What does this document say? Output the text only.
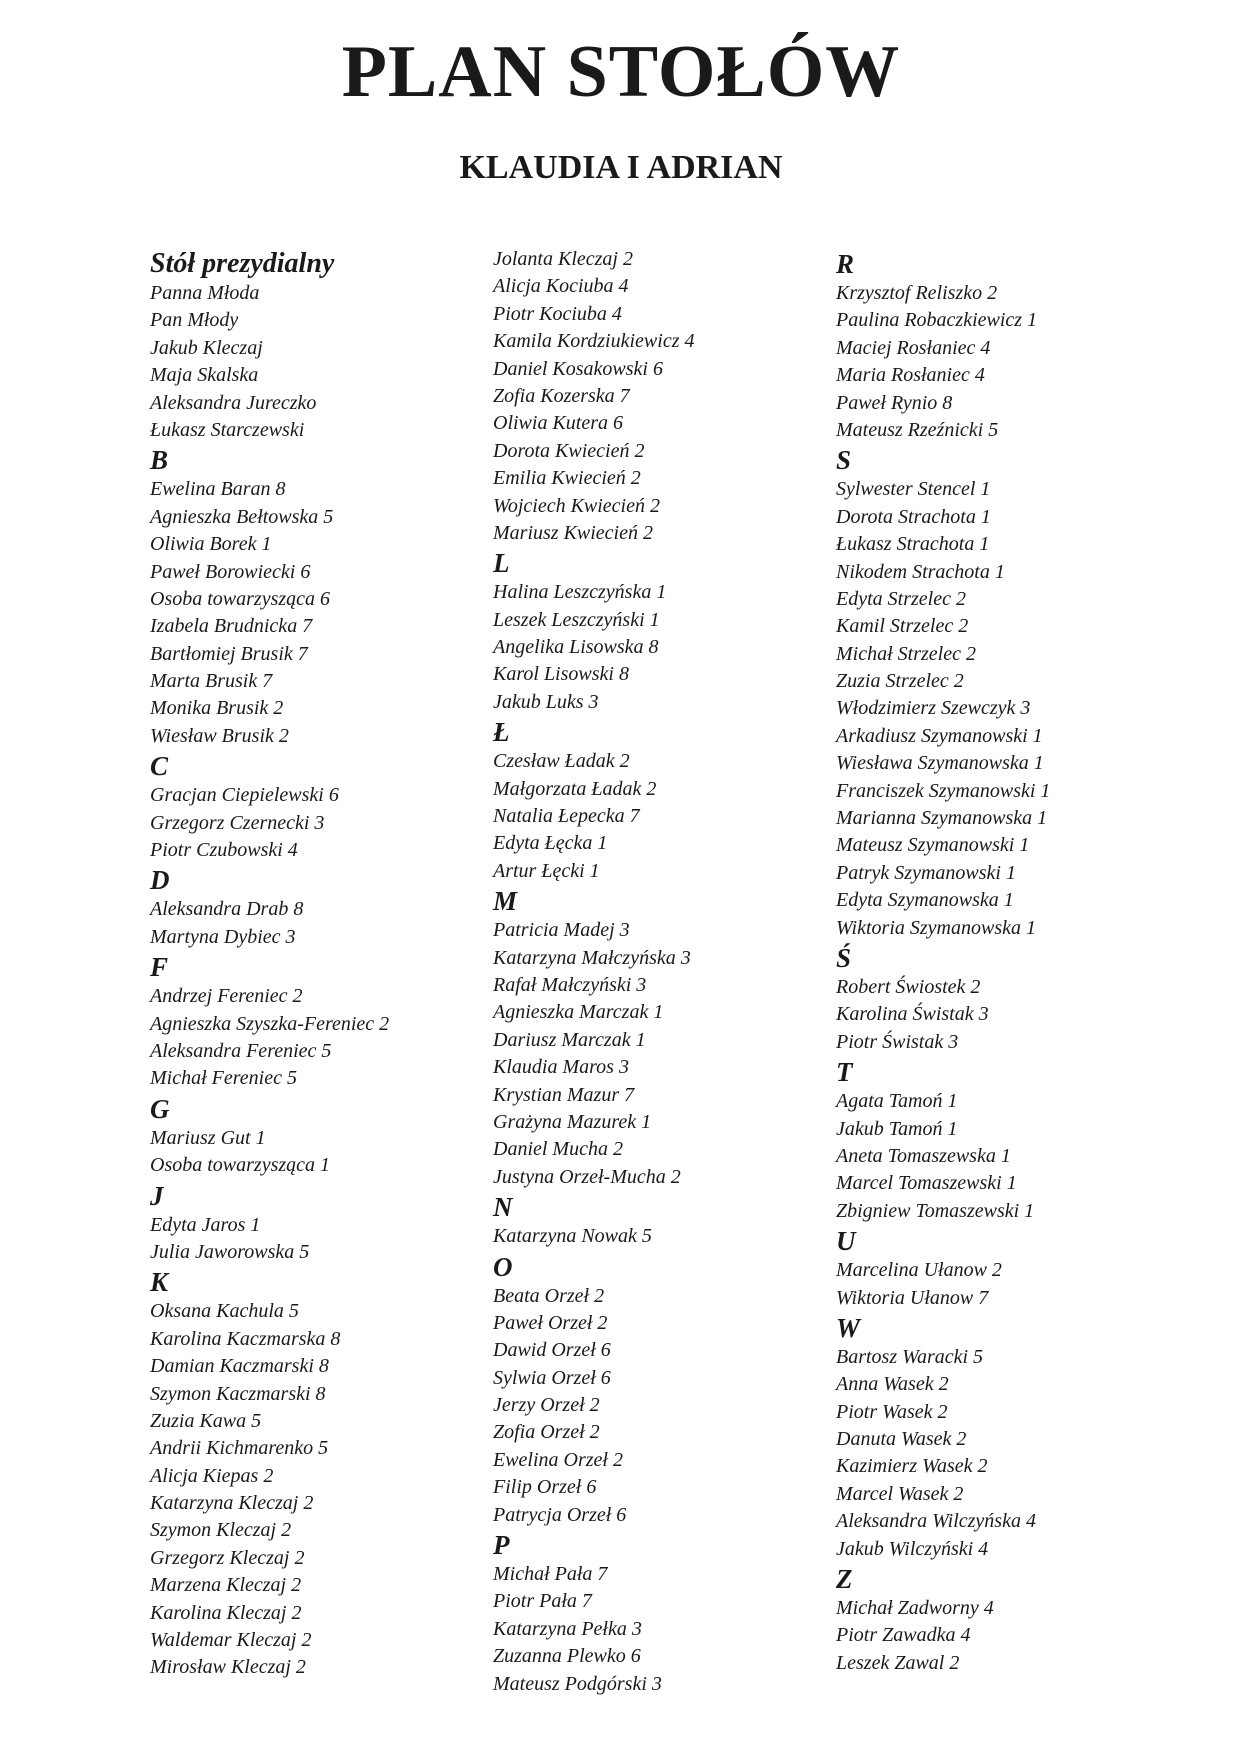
PLAN STOŁÓW
KLAUDIA I ADRIAN
Stół prezydialny
Panna Młoda
Pan Młody
Jakub Kleczaj
Maja Skalska
Aleksandra Jureczko
Łukasz Starczewski
B
Ewelina Baran 8
Agnieszka Bełtowska 5
Oliwia Borek 1
Paweł Borowiecki 6
Osoba towarzysząca 6
Izabela Brudnicka 7
Bartłomiej Brusik 7
Marta Brusik 7
Monika Brusik 2
Wiesław Brusik 2
C
Gracjan Ciepielewski 6
Grzegorz Czernecki 3
Piotr Czubowski 4
D
Aleksandra Drab 8
Martyna Dybiec 3
F
Andrzej Fereniec 2
Agnieszka Szyszka-Fereniec 2
Aleksandra Fereniec 5
Michał Fereniec 5
G
Mariusz Gut 1
Osoba towarzysząca 1
J
Edyta Jaros 1
Julia Jaworowska 5
K
Oksana Kachula 5
Karolina Kaczmarska 8
Damian Kaczmarski 8
Szymon Kaczmarski 8
Zuzia Kawa 5
Andrii Kichmarenko 5
Alicja Kiepas 2
Katarzyna Kleczaj 2
Szymon Kleczaj 2
Grzegorz Kleczaj 2
Marzena Kleczaj 2
Karolina Kleczaj 2
Waldemar Kleczaj 2
Mirosław Kleczaj 2
Jolanta Kleczaj 2
Alicja Kociuba 4
Piotr Kociuba 4
Kamila Kordziukiewicz 4
Daniel Kosakowski 6
Zofia Kozerska 7
Oliwia Kutera 6
Dorota Kwiecień 2
Emilia Kwiecień 2
Wojciech Kwiecień 2
Mariusz Kwiecień 2
L
Halina Leszczyńska 1
Leszek Leszczyński 1
Angelika Lisowska 8
Karol Lisowski 8
Jakub Luks 3
Ł
Czesław Ładak 2
Małgorzata Ładak 2
Natalia Łepecka 7
Edyta Łęcka 1
Artur Łęcki 1
M
Patricia Madej 3
Katarzyna Małczyńska 3
Rafał Małczyński 3
Agnieszka Marczak 1
Dariusz Marczak 1
Klaudia Maros 3
Krystian Mazur 7
Grażyna Mazurek 1
Daniel Mucha 2
Justyna Orzeł-Mucha 2
N
Katarzyna Nowak 5
O
Beata Orzeł 2
Paweł Orzeł 2
Dawid Orzeł 6
Sylwia Orzeł 6
Jerzy Orzeł 2
Zofia Orzeł 2
Ewelina Orzeł 2
Filip Orzeł 6
Patrycja Orzeł 6
P
Michał Pała 7
Piotr Pała 7
Katarzyna Pełka 3
Zuzanna Plewko 6
Mateusz Podgórski 3
R
Krzysztof Reliszko 2
Paulina Robaczkiewicz 1
Maciej Rosłaniec 4
Maria Rosłaniec 4
Paweł Rynio 8
Mateusz Rzeźnicki 5
S
Sylwester Stencel 1
Dorota Strachota 1
Łukasz Strachota 1
Nikodem Strachota 1
Edyta Strzelec 2
Kamil Strzelec 2
Michał Strzelec 2
Zuzia Strzelec 2
Włodzimierz Szewczyk 3
Arkadiusz Szymanowski 1
Wiesława Szymanowska 1
Franciszek Szymanowski 1
Marianna Szymanowska 1
Mateusz Szymanowski 1
Patryk Szymanowski 1
Edyta Szymanowska 1
Wiktoria Szymanowska 1
Ś
Robert Świostek 2
Karolina Świstak 3
Piotr Świstak 3
T
Agata Tamoń 1
Jakub Tamoń 1
Aneta Tomaszewska 1
Marcel Tomaszewski 1
Zbigniew Tomaszewski 1
U
Marcelina Ułanow 2
Wiktoria Ułanow 7
W
Bartosz Waracki 5
Anna Wasek 2
Piotr Wasek 2
Danuta Wasek 2
Kazimierz Wasek 2
Marcel Wasek 2
Aleksandra Wilczyńska 4
Jakub Wilczyński 4
Z
Michał Zadworny 4
Piotr Zawadka 4
Leszek Zawal 2
